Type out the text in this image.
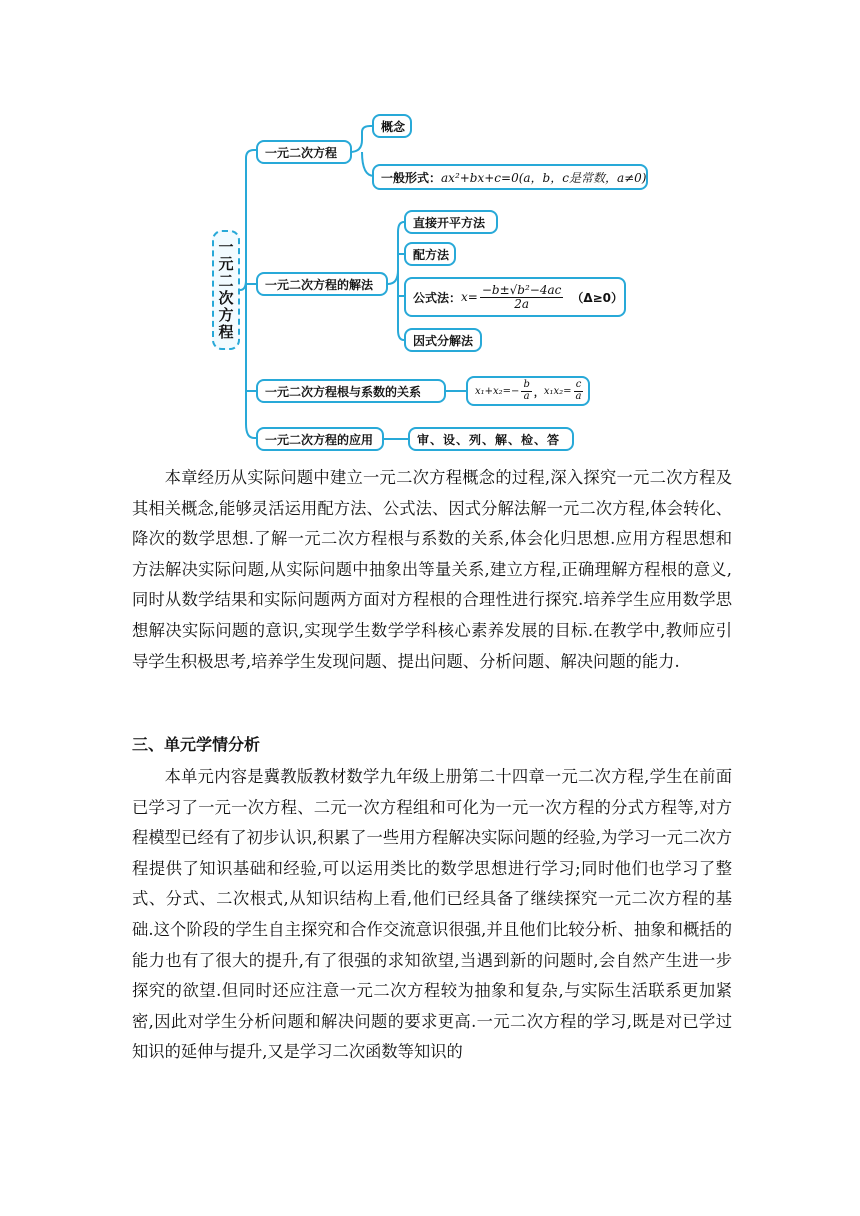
一元二次方程
一元二次方程
概念
一般形式： ax²+bx+c=0(a，b，c是常数，a≠0)
一元二次方程的解法
直接开平方法
配方法
公式法： $x= \frac{\text{−b±√b²−4ac}}{2a} (\Delta\ge 0)$
因式分解法
一元二次方程根与系数的关系	$x_1+x_2=- \frac{b}{a}$ ， $x_1x_2= \frac{c}{a}$
一元二次方程的应用	审、设、列、解、检、答

本章经历从实际问题中建立一元二次方程概念的过程,深入探究一元二次方程及其相关概念,能够灵活运用配方法、公式法、因式分解法解一元二次方程,体会转化、降次的数学思想.了解一元二次方程根与系数的关系,体会化归思想.应用方程思想和方法解决实际问题,从实际问题中抽象出等量关系,建立方程,正确理解方程根的意义,同时从数学结果和实际问题两方面对方程根的合理性进行探究.培养学生应用数学思想解决实际问题的意识,实现学生数学学科核心素养发展的目标.在教学中,教师应引导学生积极思考,培养学生发现问题、提出问题、分析问题、解决问题的能力.

三、单元学情分析

本单元内容是冀教版教材数学九年级上册第二十四章一元二次方程,学生在前面已学习了一元一次方程、二元一次方程组和可化为一元一次方程的分式方程等,对方程模型已经有了初步认识,积累了一些用方程解决实际问题的经验,为学习一元二次方程提供了知识基础和经验,可以运用类比的数学思想进行学习;同时他们也学习了整式、分式、二次根式,从知识结构上看,他们已经具备了继续探究一元二次方程的基础.这个阶段的学生自主探究和合作交流意识很强,并且他们比较分析、抽象和概括的能力也有了很大的提升,有了很强的求知欲望,当遇到新的问题时,会自然产生进一步探究的欲望.但同时还应注意一元二次方程较为抽象和复杂,与实际生活联系更加紧密,因此对学生分析问题和解决问题的要求更高.一元二次方程的学习,既是对已学过知识的延伸与提升,又是学习二次函数等知识的
